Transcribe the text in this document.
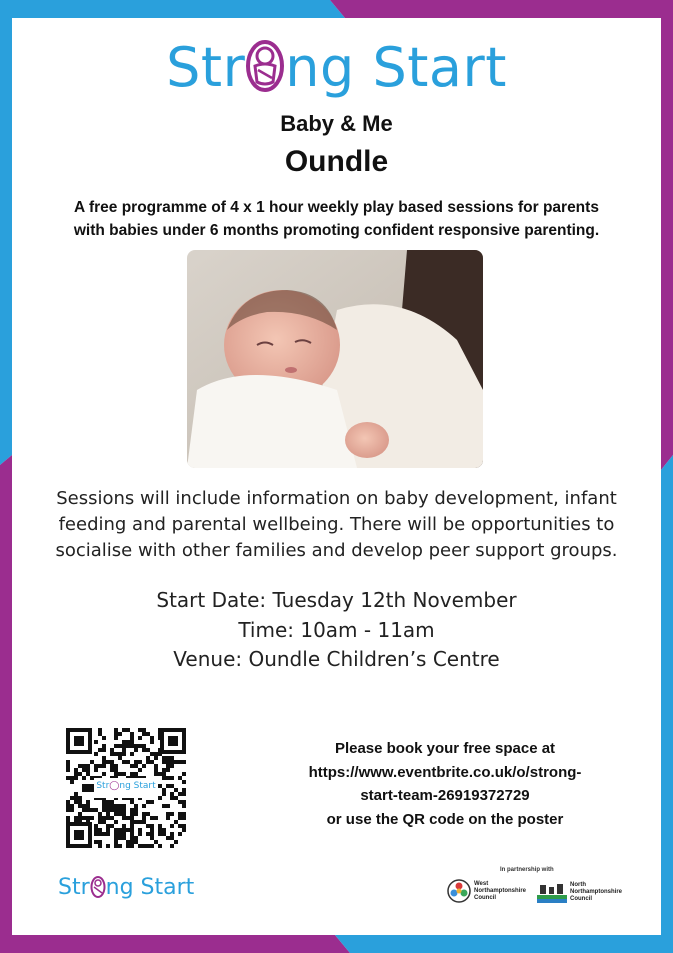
Str ng Start
Baby & Me
Oundle
A free programme of 4 x 1 hour weekly play based sessions for parents
with babies under 6 months promoting confident responsive parenting.
Sessions will include information on baby development, infant
feeding and parental wellbeing. There will be opportunities to
socialise with other families and develop peer support groups.
Start Date: Tuesday 12th November
Time: 10am - 11am
Venue: Oundle Children’s Centre
Str◯ng Start
Please book your free space at
https://www.eventbrite.co.uk/o/strong-
start-team-26919372729
or use the QR code on the poster
Str ng Start
In partnership with
West
Northamptonshire
Council
North
Northamptonshire
Council
